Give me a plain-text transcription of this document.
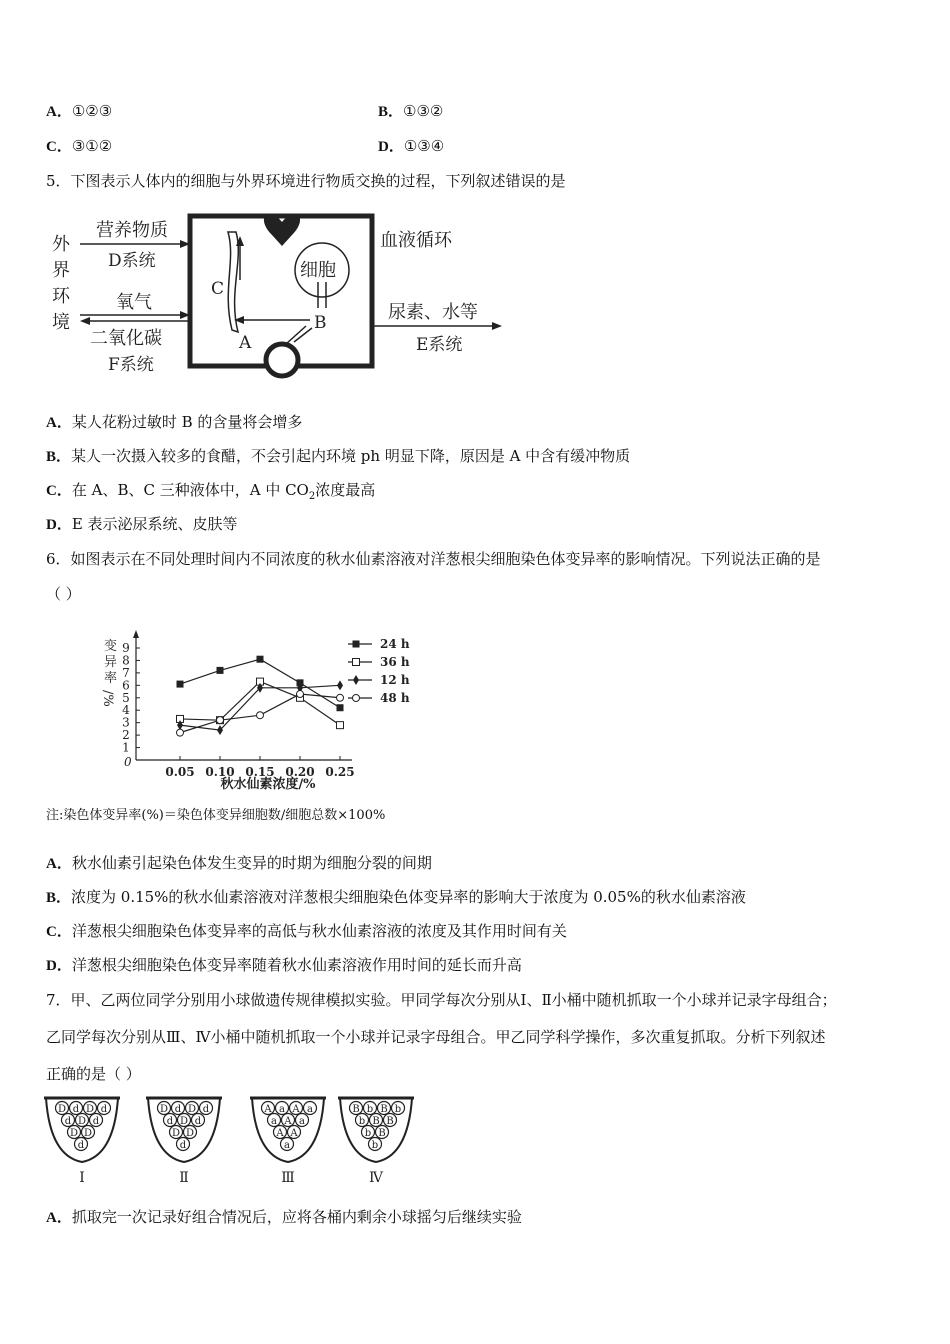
A．①②③	B．①③②
C．③①②	D．①③④
5．下图表示人体内的细胞与外界环境进行物质交换的过程，下列叙述错误的是
细胞
C
B
A
外
界
环
境
营养物质
D系统
氧气
二氧化碳
F系统
血液循环
尿素、水等
E系统
A．某人花粉过敏时 B 的含量将会增多
B．某人一次摄入较多的食醋，不会引起内环境 ph 明显下降，原因是 A 中含有缓冲物质
C．在 A、B、C 三种液体中，A 中 $CO_2$浓度最高
D．E 表示泌尿系统、皮肤等
6．如图表示在不同处理时间内不同浓度的秋水仙素溶液对洋葱根尖细胞染色体变异率的影响情况。下列说法正确的是
（ ）
变
异
率
/%
0
1
2
3
4
5
6
7
8
9
0.05 0.10 0.15 0.20 0.25
24 h
36 h
12 h
48 h
秋水仙素浓度/%
注:染色体变异率(%)＝染色体变异细胞数/细胞总数×100%
A．秋水仙素引起染色体发生变异的时期为细胞分裂的间期
B．浓度为 0.15%的秋水仙素溶液对洋葱根尖细胞染色体变异率的影响大于浓度为 0.05%的秋水仙素溶液
C．洋葱根尖细胞染色体变异率的高低与秋水仙素溶液的浓度及其作用时间有关
D．洋葱根尖细胞染色体变异率随着秋水仙素溶液作用时间的延长而升高
7．甲、乙两位同学分别用小球做遗传规律模拟实验。甲同学每次分别从Ⅰ、Ⅱ小桶中随机抓取一个小球并记录字母组合；
乙同学每次分别从Ⅲ、Ⅳ小桶中随机抓取一个小球并记录字母组合。甲乙同学科学操作，多次重复抓取。分析下列叙述
正确的是（ ）
D d D d
d D d
D D
d
Ⅰ
D d D d
d D d
D D
d
Ⅱ
A a A a
a A a
A A
a
Ⅲ
B b B b
b B B
b B
b
Ⅳ
A．抓取完一次记录好组合情况后，应将各桶内剩余小球摇匀后继续实验
